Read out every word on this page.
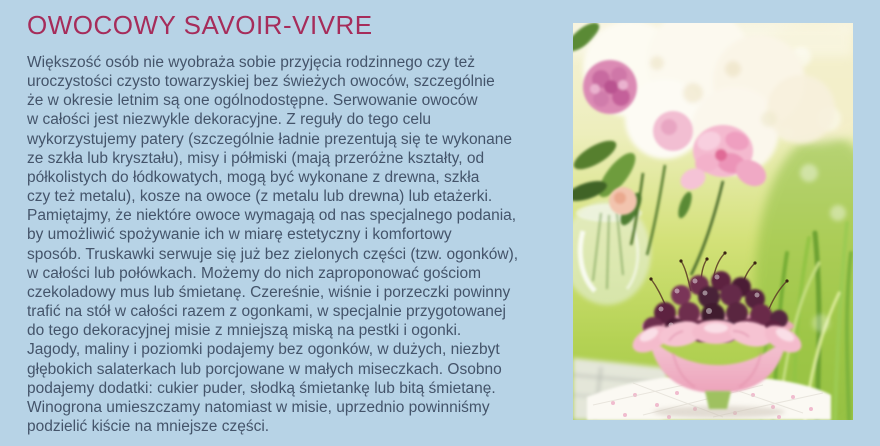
OWOCOWY SAVOIR-VIVRE
Większość osób nie wyobraża sobie przyjęcia rodzinnego czy też
uroczystości czysto towarzyskiej bez świeżych owoców, szczególnie
że w okresie letnim są one ogólnodostępne. Serwowanie owoców
w całości jest niezwykle dekoracyjne. Z reguły do tego celu
wykorzystujemy patery (szczególnie ładnie prezentują się te wykonane
ze szkła lub kryształu), misy i półmiski (mają przeróżne kształty, od
półkolistych do łódkowatych, mogą być wykonane z drewna, szkła
czy też metalu), kosze na owoce (z metalu lub drewna) lub etażerki.
Pamiętajmy, że niektóre owoce wymagają od nas specjalnego podania,
by umożliwić spożywanie ich w miarę estetyczny i komfortowy
sposób. Truskawki serwuje się już bez zielonych części (tzw. ogonków),
w całości lub połówkach. Możemy do nich zaproponować gościom
czekoladowy mus lub śmietanę. Czereśnie, wiśnie i porzeczki powinny
trafić na stół w całości razem z ogonkami, w specjalnie przygotowanej
do tego dekoracyjnej misie z mniejszą miską na pestki i ogonki.
Jagody, maliny i poziomki podajemy bez ogonków, w dużych, niezbyt
głębokich salaterkach lub porcjowane w małych miseczkach. Osobno
podajemy dodatki: cukier puder, słodką śmietankę lub bitą śmietanę.
Winogrona umieszczamy natomiast w misie, uprzednio powinniśmy
podzielić kiście na mniejsze części.
